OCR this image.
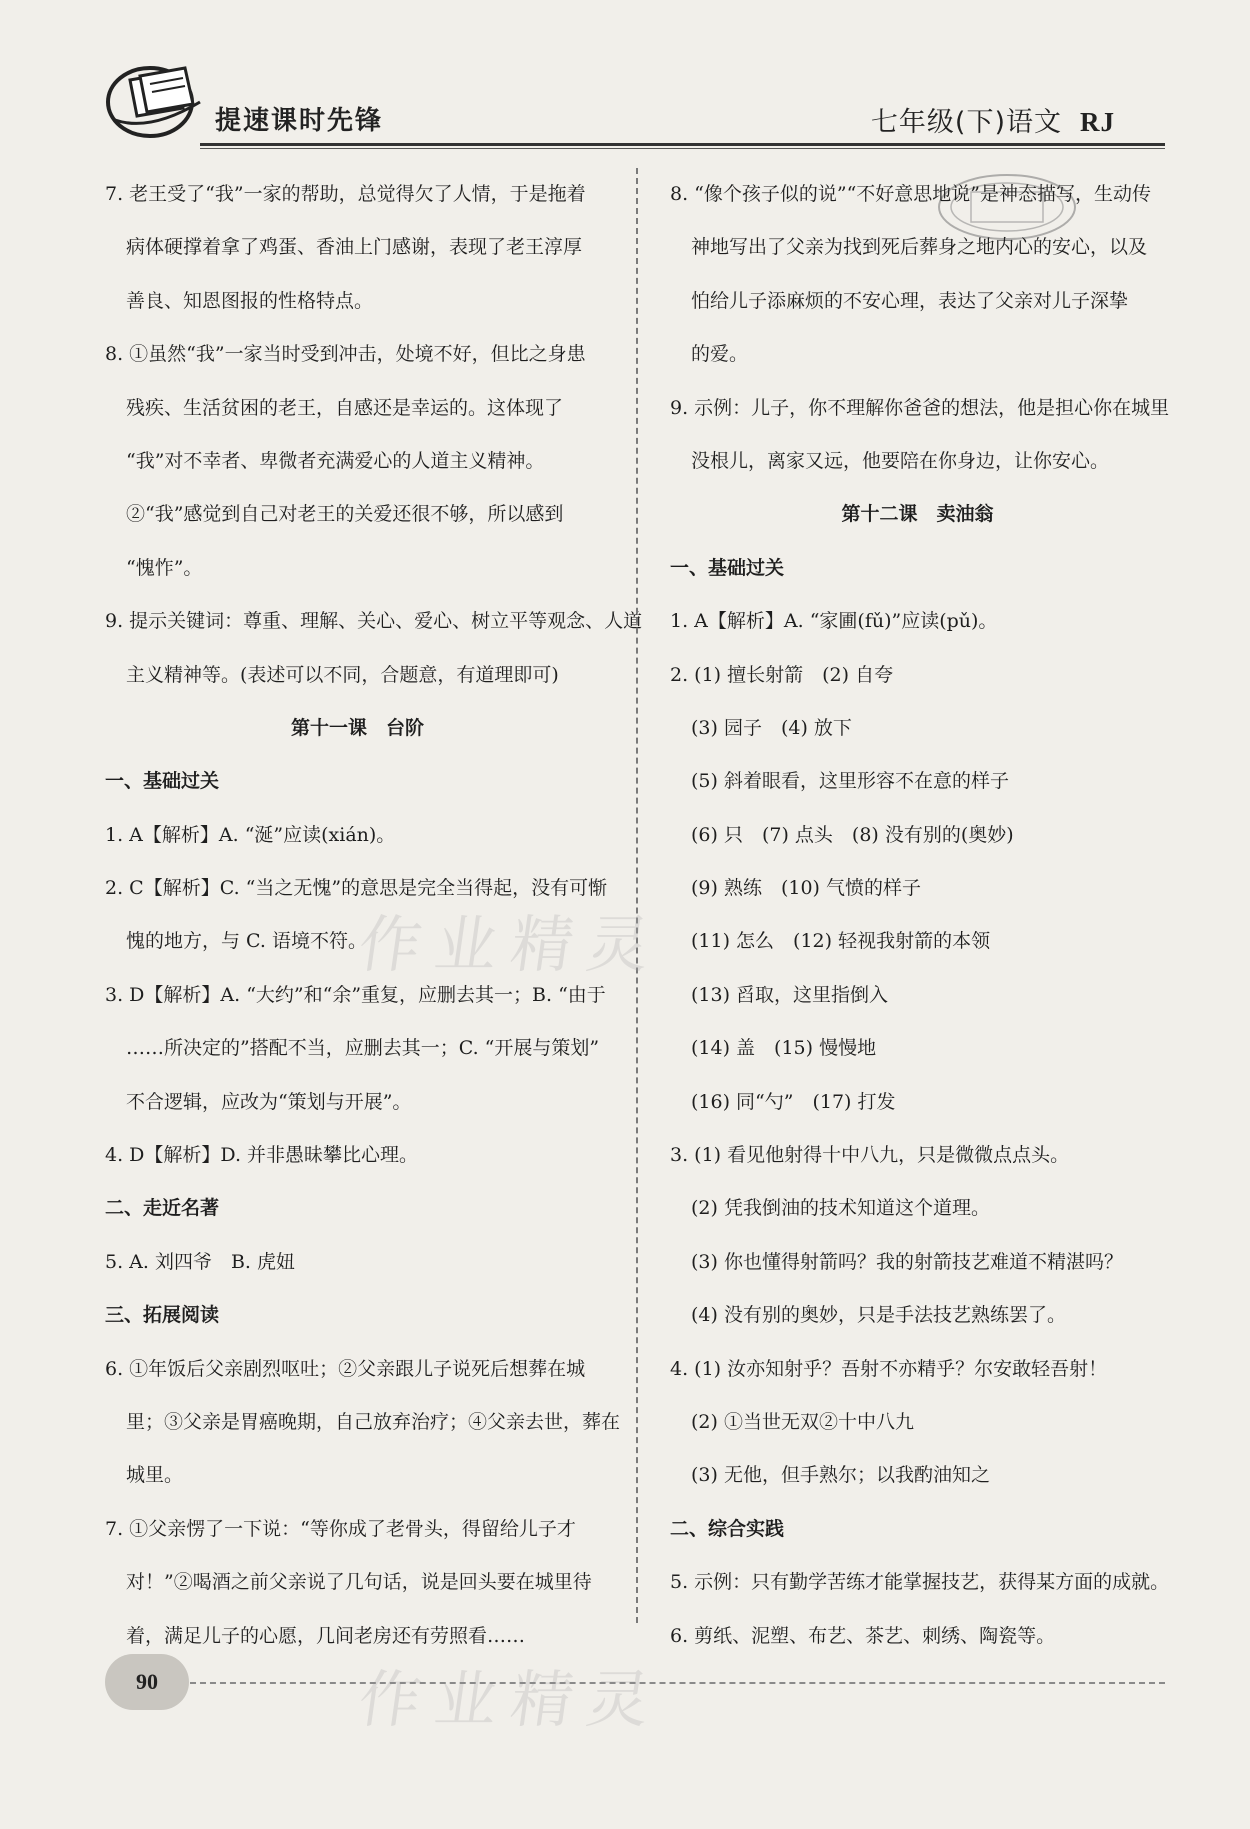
提速课时先锋	七年级(下)语文 RJ
7. 老王受了“我”一家的帮助，总觉得欠了人情，于是拖着
病体硬撑着拿了鸡蛋、香油上门感谢，表现了老王淳厚
善良、知恩图报的性格特点。
8. ①虽然“我”一家当时受到冲击，处境不好，但比之身患
残疾、生活贫困的老王，自感还是幸运的。这体现了
“我”对不幸者、卑微者充满爱心的人道主义精神。
②“我”感觉到自己对老王的关爱还很不够，所以感到
“愧怍”。
9. 提示关键词：尊重、理解、关心、爱心、树立平等观念、人道
主义精神等。(表述可以不同，合题意，有道理即可)
第十一课　台阶
一、基础过关
1. A【解析】A. “涎”应读(xián)。
2. C【解析】C. “当之无愧”的意思是完全当得起，没有可惭
愧的地方，与 C. 语境不符。
3. D【解析】A. “大约”和“余”重复，应删去其一；B. “由于
……所决定的”搭配不当，应删去其一；C. “开展与策划”
不合逻辑，应改为“策划与开展”。
4. D【解析】D. 并非愚昧攀比心理。
二、走近名著
5. A. 刘四爷　B. 虎妞
三、拓展阅读
6. ①年饭后父亲剧烈呕吐；②父亲跟儿子说死后想葬在城
里；③父亲是胃癌晚期，自己放弃治疗；④父亲去世，葬在
城里。
7. ①父亲愣了一下说：“等你成了老骨头，得留给儿子才
对！”②喝酒之前父亲说了几句话，说是回头要在城里待
着，满足儿子的心愿，几间老房还有劳照看……
8. “像个孩子似的说”“不好意思地说”是神态描写，生动传
神地写出了父亲为找到死后葬身之地内心的安心，以及
怕给儿子添麻烦的不安心理，表达了父亲对儿子深挚
的爱。
9. 示例：儿子，你不理解你爸爸的想法，他是担心你在城里
没根儿，离家又远，他要陪在你身边，让你安心。
第十二课　卖油翁
一、基础过关
1. A【解析】A. “家圃(fǔ)”应读(pǔ)。
2. (1) 擅长射箭　(2) 自夸
(3) 园子　(4) 放下
(5) 斜着眼看，这里形容不在意的样子
(6) 只　(7) 点头　(8) 没有别的(奥妙)
(9) 熟练　(10) 气愤的样子
(11) 怎么　(12) 轻视我射箭的本领
(13) 舀取，这里指倒入
(14) 盖　(15) 慢慢地
(16) 同“勺”　(17) 打发
3. (1) 看见他射得十中八九，只是微微点点头。
(2) 凭我倒油的技术知道这个道理。
(3) 你也懂得射箭吗？我的射箭技艺难道不精湛吗？
(4) 没有别的奥妙，只是手法技艺熟练罢了。
4. (1) 汝亦知射乎？吾射不亦精乎？尔安敢轻吾射！
(2) ①当世无双②十中八九
(3) 无他，但手熟尔；以我酌油知之
二、综合实践
5. 示例：只有勤学苦练才能掌握技艺，获得某方面的成就。
6. 剪纸、泥塑、布艺、茶艺、刺绣、陶瓷等。
作业精灵
作业精灵
90
